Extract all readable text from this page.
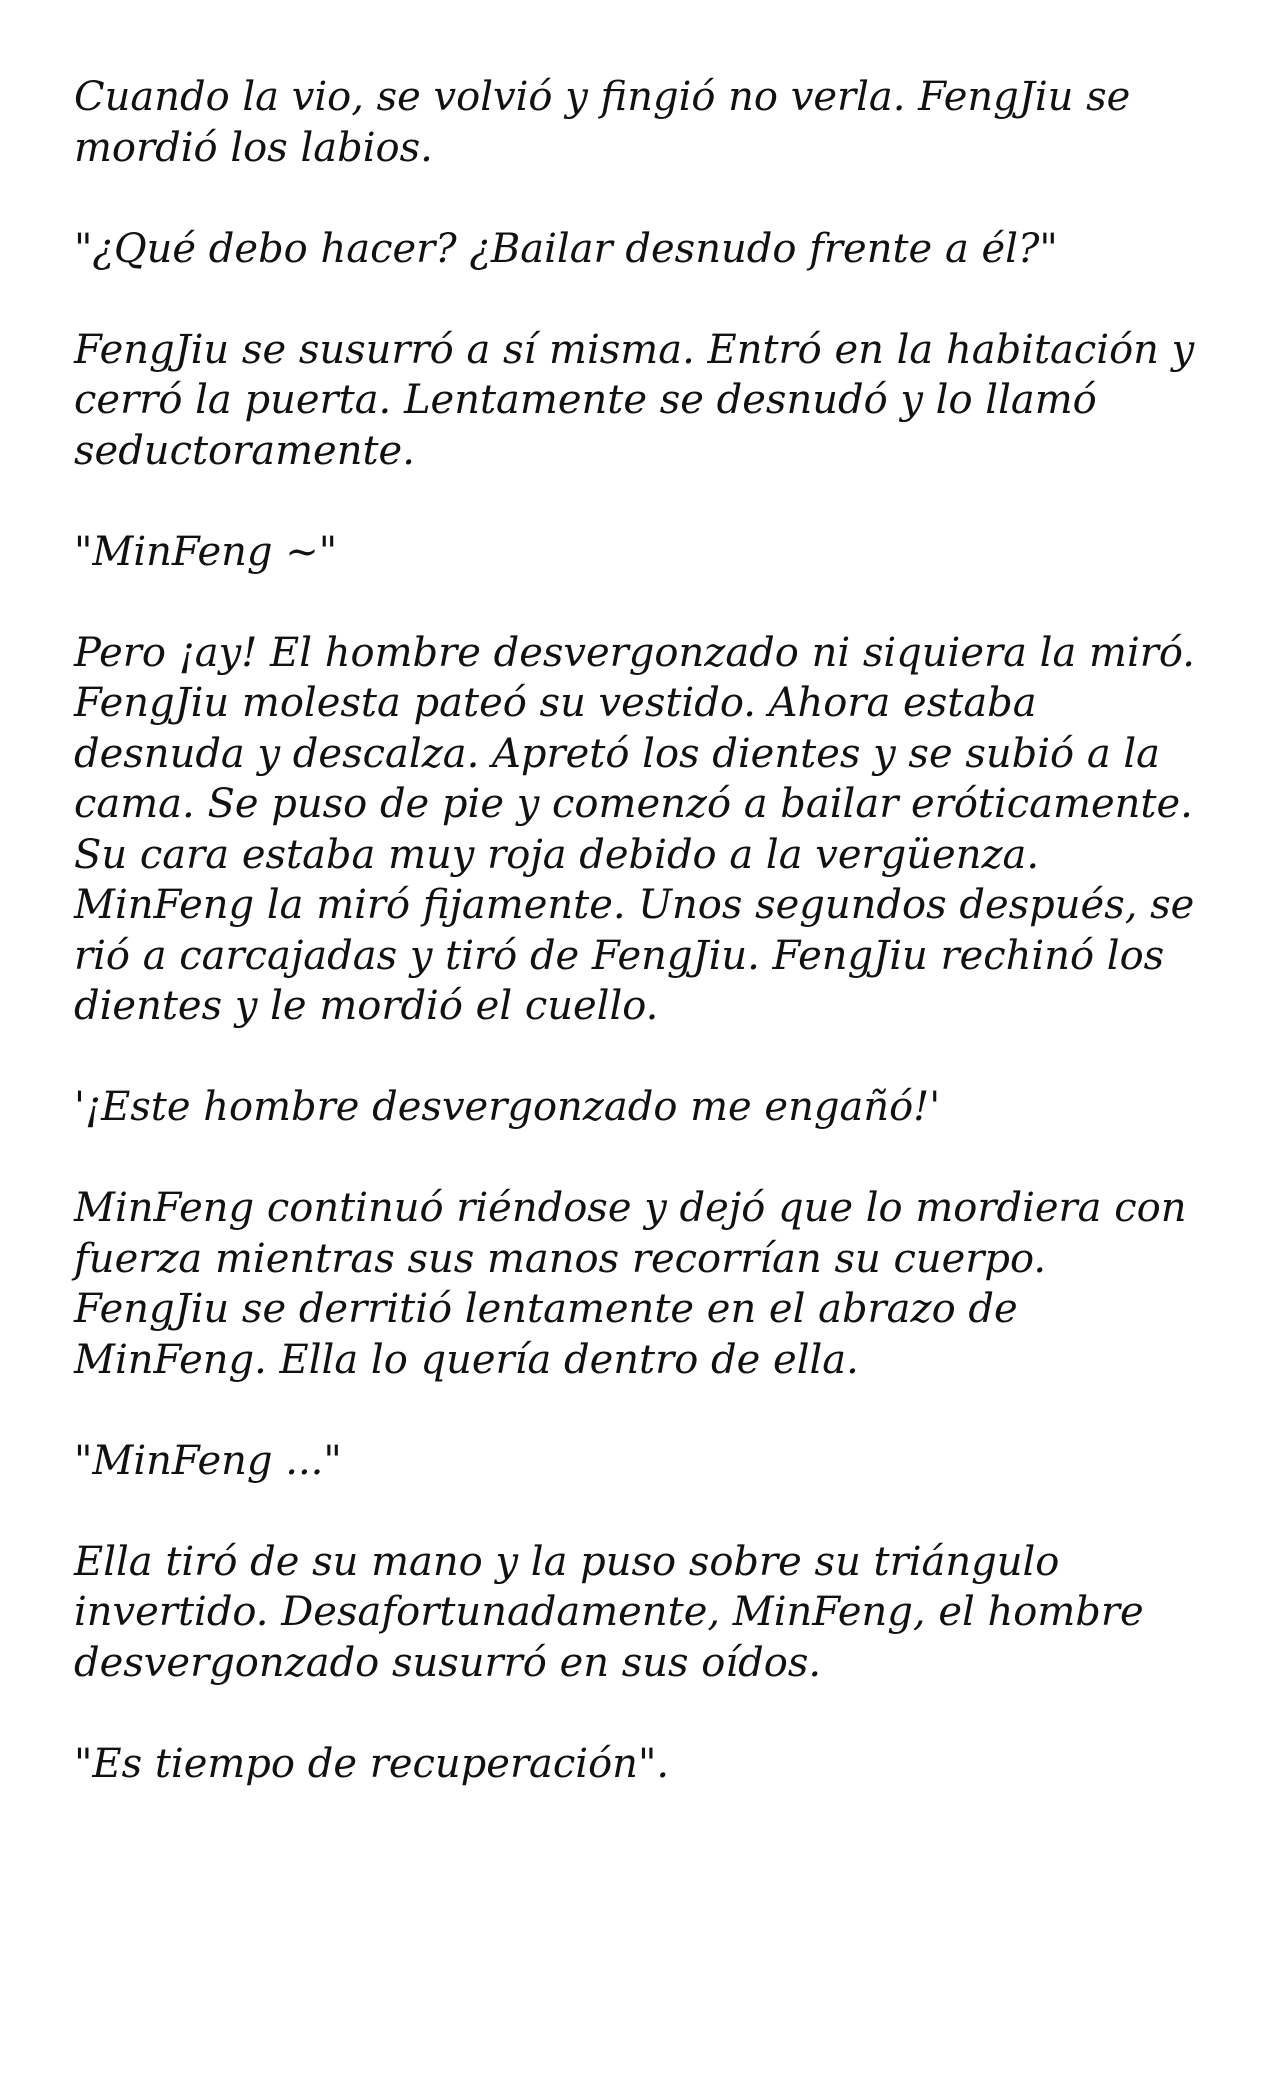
Cuando la vio, se volvió y fingió no verla. FengJiu se mordió los labios.

"¿Qué debo hacer? ¿Bailar desnudo frente a él?"

FengJiu se susurró a sí misma. Entró en la habitación y cerró la puerta. Lentamente se desnudó y lo llamó seductoramente.

"MinFeng ~"

Pero ¡ay! El hombre desvergonzado ni siquiera la miró. FengJiu molesta pateó su vestido. Ahora estaba desnuda y descalza. Apretó los dientes y se subió a la cama. Se puso de pie y comenzó a bailar eróticamente. Su cara estaba muy roja debido a la vergüenza. MinFeng la miró fijamente. Unos segundos después, se rió a carcajadas y tiró de FengJiu. FengJiu rechinó los dientes y le mordió el cuello.

'¡Este hombre desvergonzado me engañó!'

MinFeng continuó riéndose y dejó que lo mordiera con fuerza mientras sus manos recorrían su cuerpo. FengJiu se derritió lentamente en el abrazo de MinFeng. Ella lo quería dentro de ella.

"MinFeng ..."

Ella tiró de su mano y la puso sobre su triángulo invertido. Desafortunadamente, MinFeng, el hombre desvergonzado susurró en sus oídos.

"Es tiempo de recuperación".
